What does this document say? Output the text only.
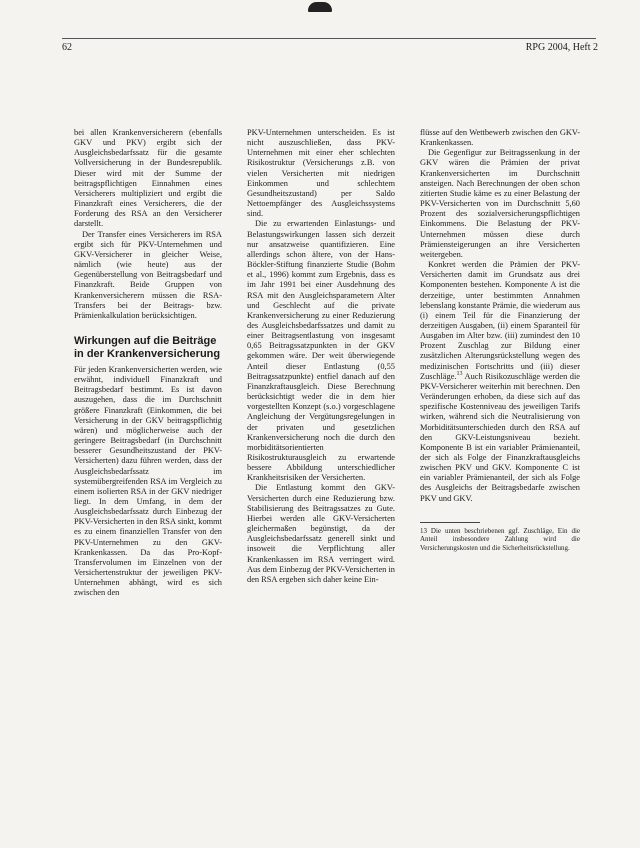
62	RPG 2004, Heft 2

bei allen Krankenversicherern (ebenfalls GKV und PKV) ergibt sich der Ausgleichsbedarfssatz für die gesamte Vollversicherung in der Bundesrepublik. Dieser wird mit der Summe der beitragspflichtigen Einnahmen eines Versicherers multipliziert und ergibt die Finanzkraft eines Versicherers, die der Forderung des RSA an den Versicherer darstellt.

Der Transfer eines Versicherers im RSA ergibt sich für PKV-Unternehmen und GKV-Versicherer in gleicher Weise, nämlich (wie heute) aus der Gegenüberstellung von Beitragsbedarf und Finanzkraft. Beide Gruppen von Krankenversicherern müssen die RSA-Transfers bei der Beitrags- bzw. Prämienkalkulation berücksichtigen.

Wirkungen auf die Beiträge in der Krankenversicherung

Für jeden Krankenversicherten werden, wie erwähnt, individuell Finanzkraft und Beitragsbedarf bestimmt. Es ist davon auszugehen, dass die im Durchschnitt größere Finanzkraft (Einkommen, die bei Versicherung in der GKV beitragspflichtig wären) und möglicherweise auch der geringere Beitragsbedarf (in Durchschnitt besserer Gesundheitszustand der PKV-Versicherten) dazu führen werden, dass der Ausgleichsbedarfssatz im systemübergreifenden RSA im Vergleich zu einem isolierten RSA in der GKV niedriger liegt. In dem Umfang, in dem der Ausgleichsbedarfssatz durch Einbezug der PKV-Versicherten in den RSA sinkt, kommt es zu einem finanziellen Transfer von den PKV-Unternehmen zu den GKV-Krankenkassen. Da das Pro-Kopf-Transfervolumen im Einzelnen von der Versichertenstruktur der jeweiligen PKV-Unternehmen abhängt, wird es sich zwischen den

PKV-Unternehmen unterscheiden. Es ist nicht auszuschließen, dass PKV-Unternehmen mit einer eher schlechten Risikostruktur (Versicherungs z.B. von vielen Versicherten mit niedrigen Einkommen und schlechtem Gesundheitszustand) per Saldo Nettoempfänger des Ausgleichssystems sind.

Die zu erwartenden Einlastungs- und Belastungswirkungen lassen sich derzeit nur ansatzweise quantifizieren. Eine allerdings schon ältere, von der Hans-Böckler-Stiftung finanzierte Studie (Bohm et al., 1996) kommt zum Ergebnis, dass es im Jahr 1991 bei einer Ausdehnung des RSA mit den Ausgleichsparametern Alter und Geschlecht auf die private Krankenversicherung zu einer Reduzierung des Ausgleichsbedarfssatzes und damit zu einer Beitragsentlastung von insgesamt 0,65 Beitragssatzpunkten in der GKV gekommen wäre. Der weit überwiegende Anteil dieser Entlastung (0,55 Beitragssatzpunkte) entfiel danach auf den Finanzkraftausgleich. Diese Berechnung berücksichtigt weder die in dem hier vorgestellten Konzept (s.o.) vorgeschlagene Angleichung der Vergütungsregelungen in der privaten und gesetzlichen Krankenversicherung noch die durch den morbiditätsorientierten Risikostrukturausgleich zu erwartende bessere Abbildung unterschiedlicher Krankheitsrisiken der Versicherten.

Die Entlastung kommt den GKV-Versicherten durch eine Reduzierung bzw. Stabilisierung des Beitragssatzes zu Gute. Hierbei werden alle GKV-Versicherten gleichermaßen begünstigt, da der Ausgleichsbedarfssatz generell sinkt und insoweit die Verpflichtung aller Krankenkassen im RSA verringert wird. Aus dem Einbezug der PKV-Versicherten in den RSA ergeben sich daher keine Ein-

flüsse auf den Wettbewerb zwischen den GKV-Krankenkassen.

Die Gegenfigur zur Beitragssenkung in der GKV wären die Prämien der privat Krankenversicherten im Durchschnitt ansteigen. Nach Berechnungen der oben schon zitierten Studie käme es zu einer Belastung der PKV-Versicherten von im Durchschnitt 5,60 Prozent des sozialversicherungspflichtigen Einkommens. Die Belastung der PKV-Unternehmen müssen diese durch Prämiensteigerungen an ihre Versicherten weitergeben.

Konkret werden die Prämien der PKV-Versicherten damit im Grundsatz aus drei Komponenten bestehen. Komponente A ist die derzeitige, unter bestimmten Annahmen lebenslang konstante Prämie, die wiederum aus (i) einem Teil für die Finanzierung der derzeitigen Ausgaben, (ii) einem Sparanteil für Ausgaben im Alter bzw. (iii) zumindest den 10 Prozent Zuschlag zur Bildung einer zusätzlichen Alterungsrückstellung wegen des medizinischen Fortschritts und (iii) dieser Zuschläge.$^{13}$ Auch Risikozuschläge werden die PKV-Versicherer weiterhin mit berechnen. Den Veränderungen erhoben, da diese sich auf das spezifische Kostenniveau des jeweiligen Tarifs wirken, während sich die Neutralisierung von Morbiditätsunterschieden durch den RSA auf den GKV-Leistungsniveau bezieht. Komponente B ist ein variabler Prämienanteil, der sich als Folge der Finanzkraftausgleichs zwischen PKV und GKV. Komponente C ist ein variabler Prämienanteil, der sich als Folge des Ausgleichs der Beitragsbedarfe zwischen PKV und GKV.

13 Die unten beschriebenen ggf. Zuschläge, Ein die Anteil insbesondere Zahlung wird die Versicherungskosten und die Sicherheitsrückstellung.
